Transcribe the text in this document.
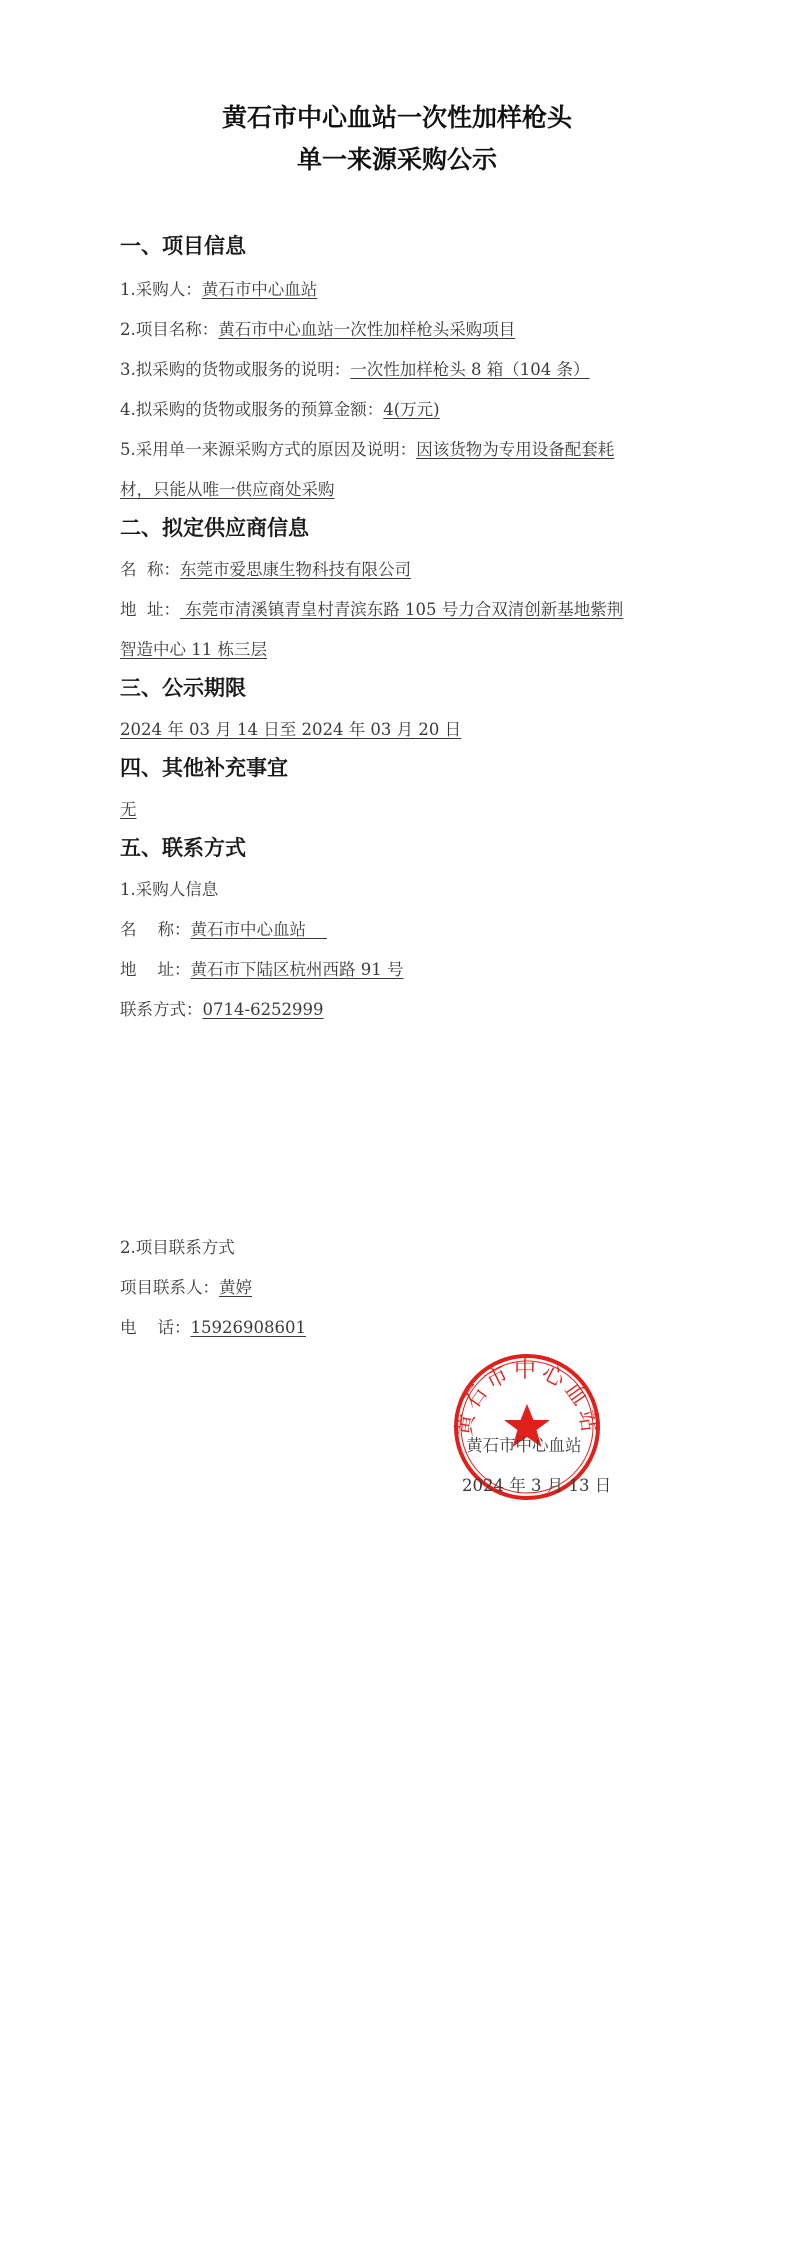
黄石市中心血站一次性加样枪头
单一来源采购公示
一、项目信息
1.采购人：黄石市中心血站
2.项目名称：黄石市中心血站一次性加样枪头采购项目
3.拟采购的货物或服务的说明：一次性加样枪头 8 箱（104 条）
4.拟采购的货物或服务的预算金额：4(万元)
5.采用单一来源采购方式的原因及说明：因该货物为专用设备配套耗
材，只能从唯一供应商处采购
二、拟定供应商信息
名  称：东莞市爱思康生物科技有限公司
地  址： 东莞市清溪镇青皇村青滨东路 105 号力合双清创新基地紫荆
智造中心 11 栋三层
三、公示期限
2024 年 03 月 14 日至 2024 年 03 月 20 日
四、其他补充事宜
无
五、联系方式
1.采购人信息
名    称：黄石市中心血站
地    址：黄石市下陆区杭州西路 91 号
联系方式：0714-6252999
2.项目联系方式
项目联系人：黄婷
电    话：15926908601
黄石市中心血站
黄石市中心血站
2024 年 3 月 13 日
